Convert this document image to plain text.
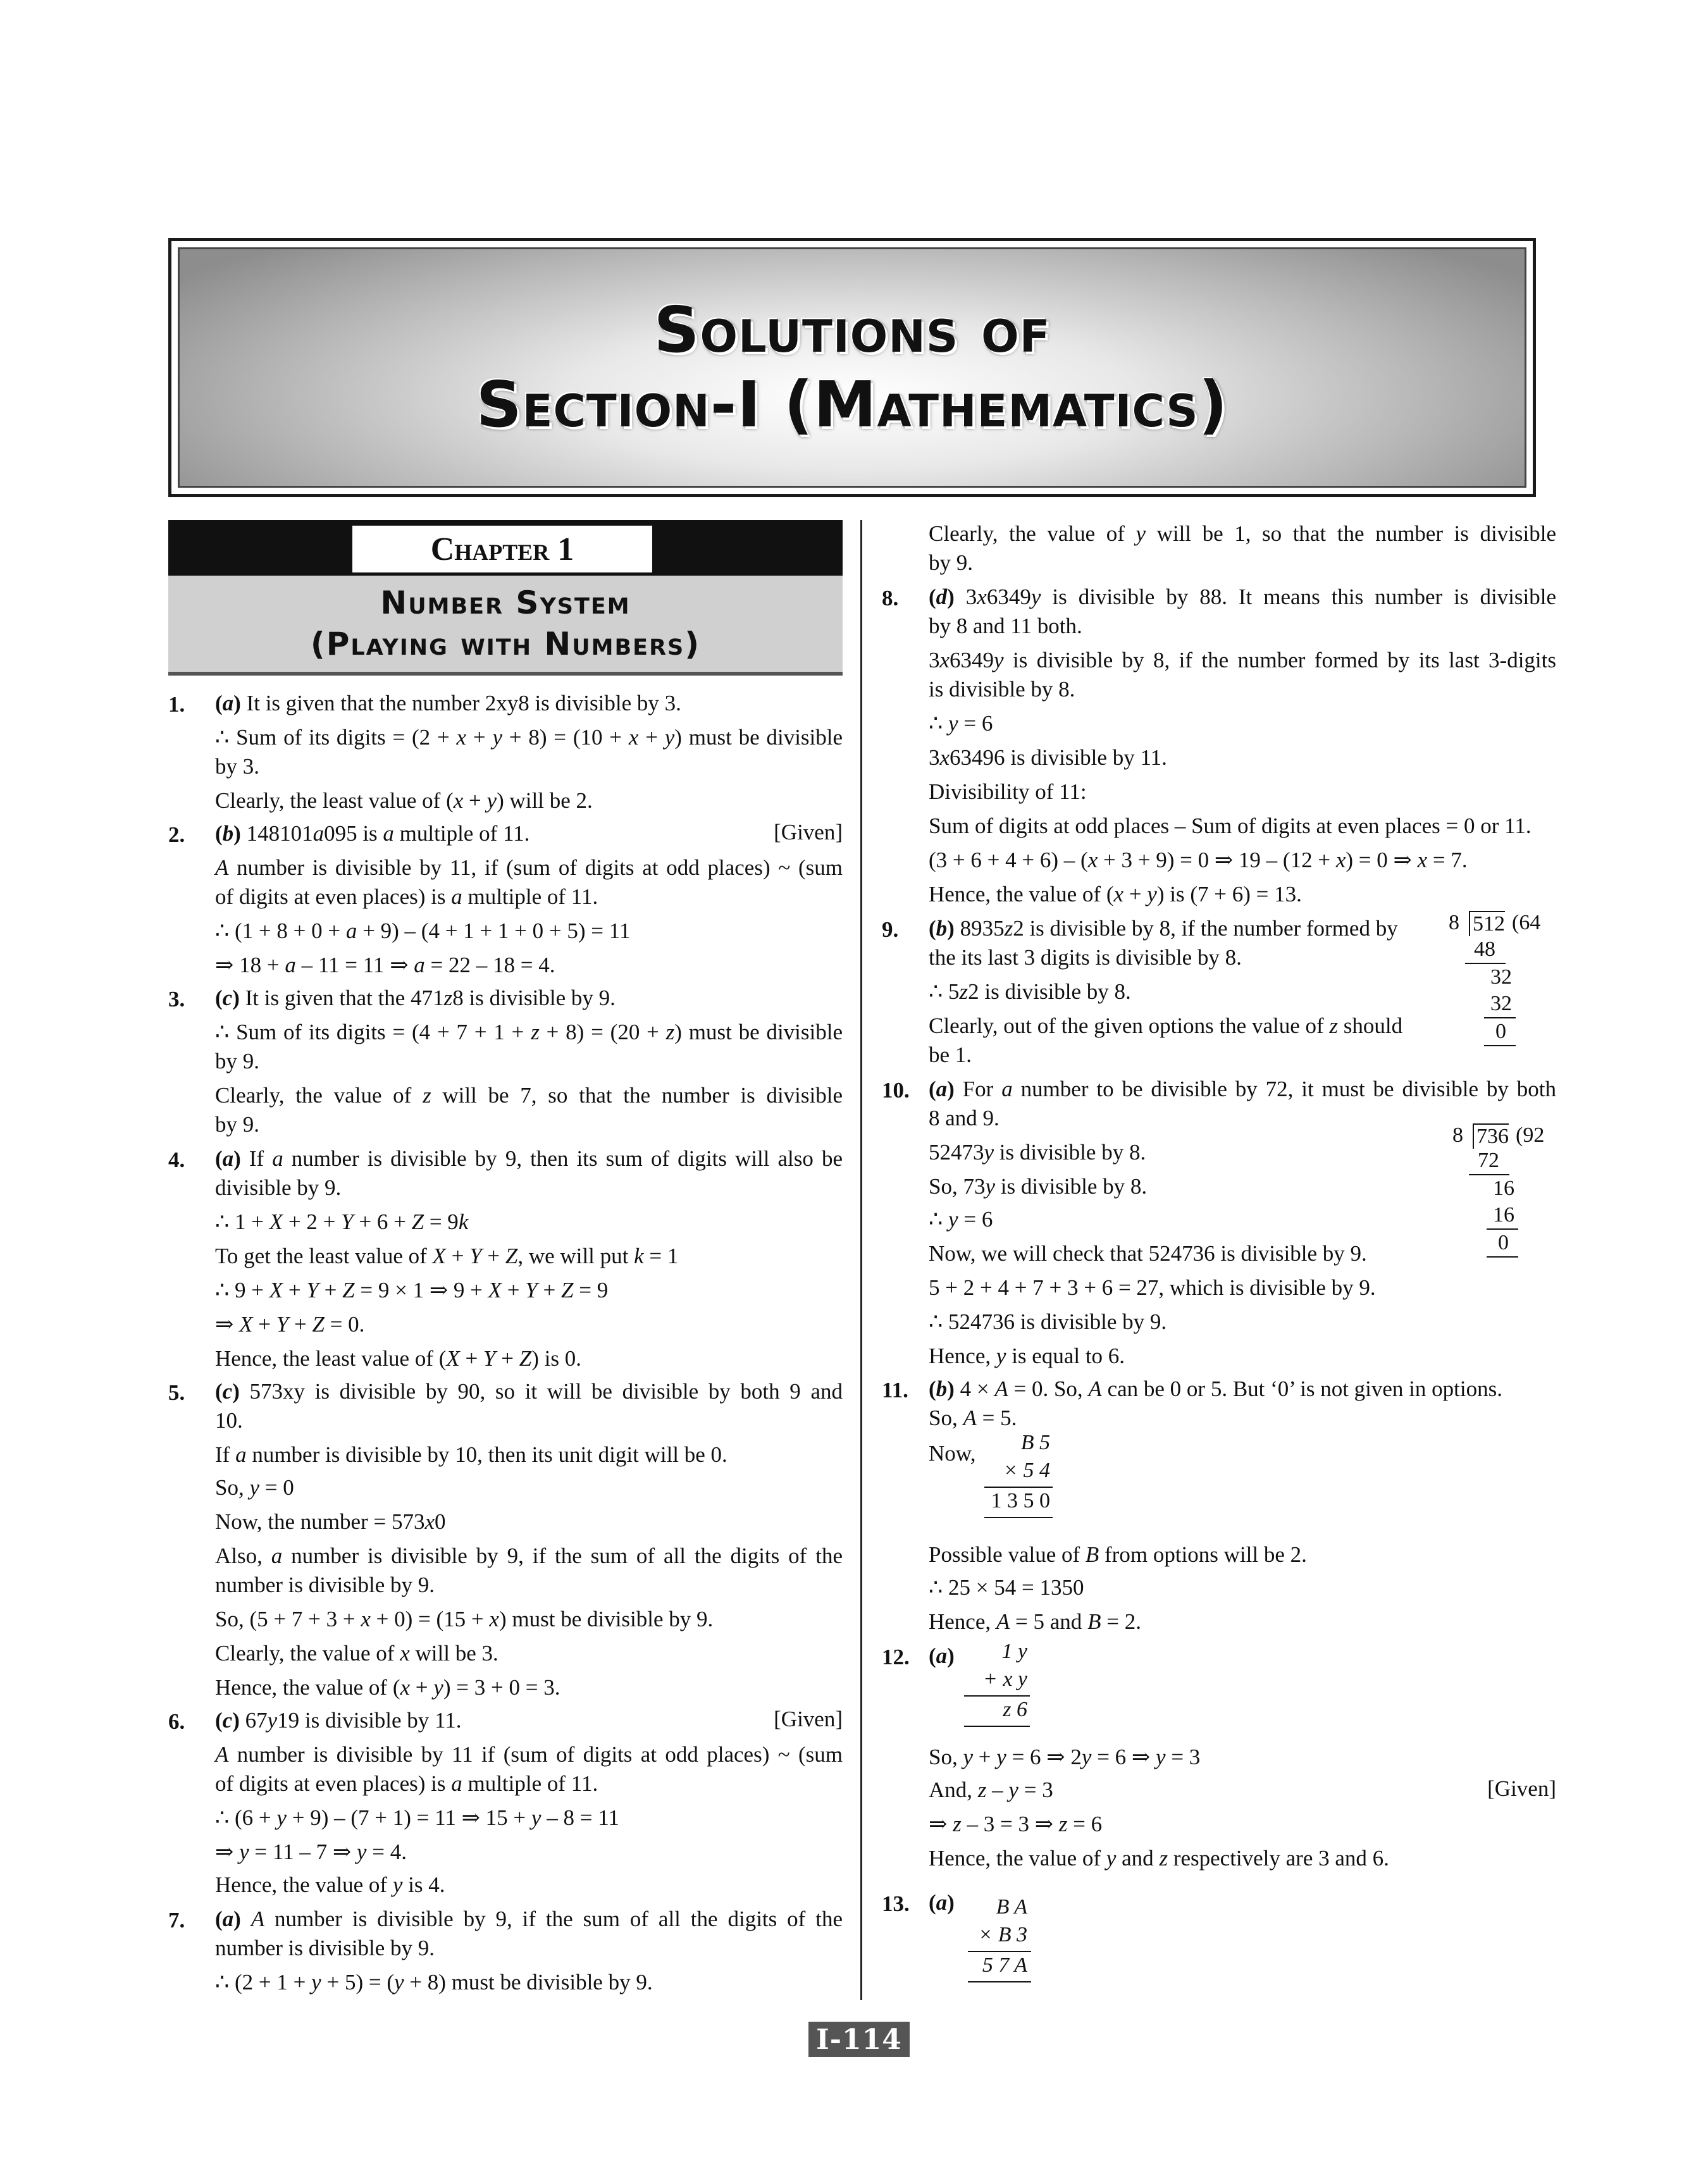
Solutions of
Section-I (Mathematics)
Chapter 1
Number System
(Playing with Numbers)
1. (a) It is given that the number 2xy8 is divisible by 3.
∴ Sum of its digits = (2 + x + y + 8) = (10 + x + y) must be divisible
by 3.
Clearly, the least value of (x + y) will be 2.
2. (b) 148101a095 is a multiple of 11.	[Given]
A number is divisible by 11, if (sum of digits at odd places) ~ (sum
of digits at even places) is a multiple of 11.
∴ (1 + 8 + 0 + a + 9) – (4 + 1 + 1 + 0 + 5) = 11
⇒ 18 + a – 11 = 11 ⇒ a = 22 – 18 = 4.
3. (c) It is given that the 471z8 is divisible by 9.
∴ Sum of its digits = (4 + 7 + 1 + z + 8) = (20 + z) must be divisible
by 9.
Clearly, the value of z will be 7, so that the number is divisible
by 9.
4. (a) If a number is divisible by 9, then its sum of digits will also be
divisible by 9.
∴ 1 + X + 2 + Y + 6 + Z = 9k
To get the least value of X + Y + Z, we will put k = 1
∴ 9 + X + Y + Z = 9 × 1 ⇒ 9 + X + Y + Z = 9
⇒ X + Y + Z = 0.
Hence, the least value of (X + Y + Z) is 0.
5. (c) 573xy is divisible by 90, so it will be divisible by both 9 and
10.
If a number is divisible by 10, then its unit digit will be 0.
So, y = 0
Now, the number = 573x0
Also, a number is divisible by 9, if the sum of all the digits of the
number is divisible by 9.
So, (5 + 7 + 3 + x + 0) = (15 + x) must be divisible by 9.
Clearly, the value of x will be 3.
Hence, the value of (x + y) = 3 + 0 = 3.
6. (c) 67y19 is divisible by 11.	[Given]
A number is divisible by 11 if (sum of digits at odd places) ~ (sum
of digits at even places) is a multiple of 11.
∴ (6 + y + 9) – (7 + 1) = 11 ⇒ 15 + y – 8 = 11
⇒ y = 11 – 7 ⇒ y = 4.
Hence, the value of y is 4.
7. (a) A number is divisible by 9, if the sum of all the digits of the
number is divisible by 9.
∴ (2 + 1 + y + 5) = (y + 8) must be divisible by 9.
Clearly, the value of y will be 1, so that the number is divisible
by 9.
8. (d) 3x6349y is divisible by 88. It means this number is divisible
by 8 and 11 both.
3x6349y is divisible by 8, if the number formed by its last 3-digits
is divisible by 8.
∴ y = 6
3x63496 is divisible by 11.
Divisibility of 11:
Sum of digits at odd places – Sum of digits at even places = 0 or 11.
(3 + 6 + 4 + 6) – (x + 3 + 9) = 0 ⇒ 19 – (12 + x) = 0 ⇒ x = 7.
Hence, the value of (x + y) is (7 + 6) = 13.
9. (b) 8935z2 is divisible by 8, if the number formed by
the its last 3 digits is divisible by 8.
∴ 5z2 is divisible by 8.
Clearly, out of the given options the value of z should
be 1.
10. (a) For a number to be divisible by 72, it must be divisible by both
8 and 9.
52473y is divisible by 8.
So, 73y is divisible by 8.
∴ y = 6
Now, we will check that 524736 is divisible by 9.
5 + 2 + 4 + 7 + 3 + 6 = 27, which is divisible by 9.
∴ 524736 is divisible by 9.
Hence, y is equal to 6.
11. (b) 4 × A = 0. So, A can be 0 or 5. But ‘0’ is not given in options.
So, A = 5.
Now,
Possible value of B from options will be 2.
∴ 25 × 54 = 1350
Hence, A = 5 and B = 2.
12. (a)
So, y + y = 6 ⇒ 2y = 6 ⇒ y = 3
And, z – y = 3	[Given]
⇒ z – 3 = 3 ⇒ z = 6
Hence, the value of y and z respectively are 3 and 6.
13. (a)
8 512 (64
48
32
32
0
8 736 (92
72
16
16
0
B 5
× 5 4
1 3 5 0
1 y
+ x y
z 6
B A
× B 3
5 7 A
I-114
